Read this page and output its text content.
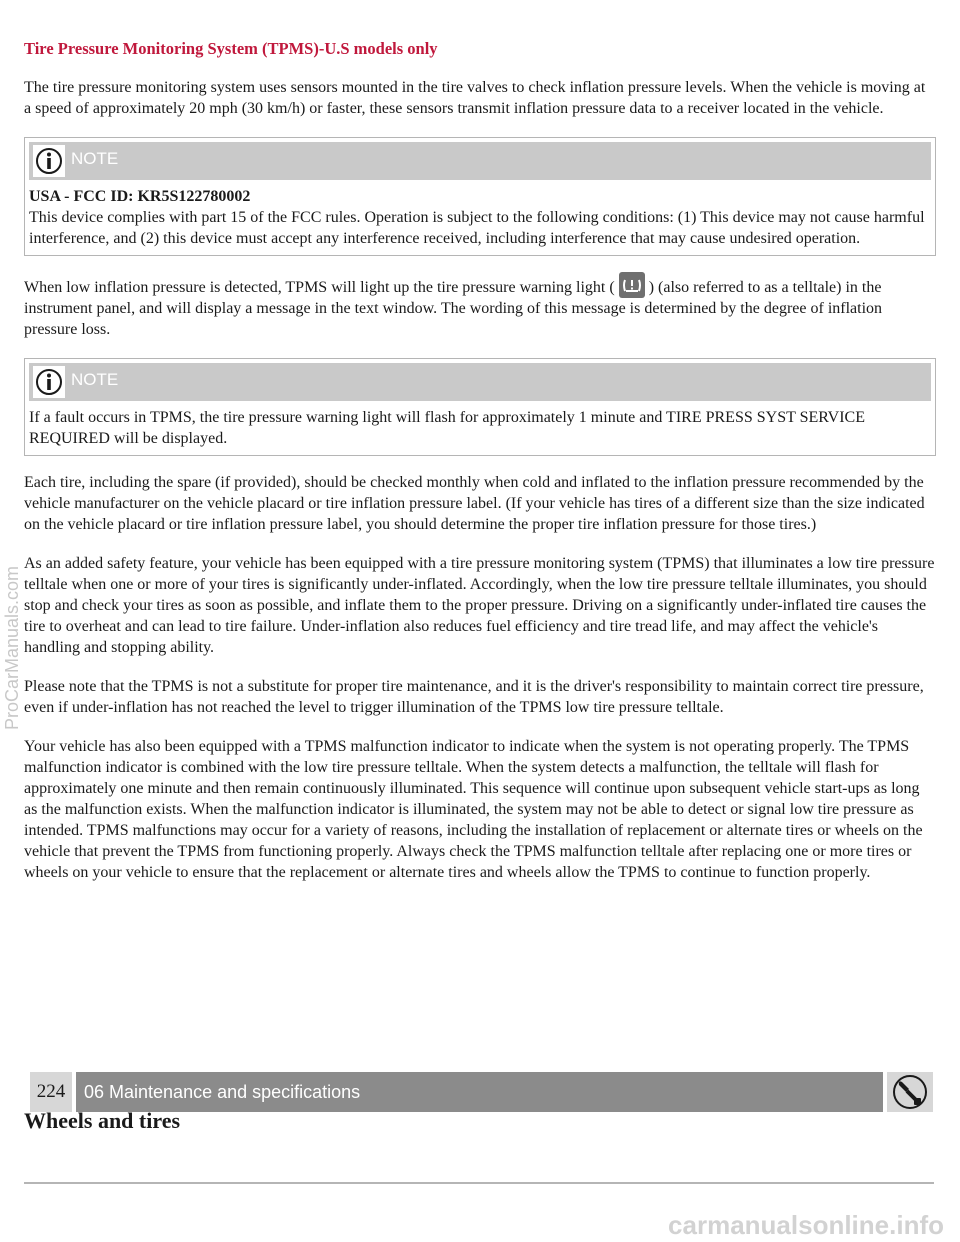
Tire Pressure Monitoring System (TPMS)-U.S models only

The tire pressure monitoring system uses sensors mounted in the tire valves to check inflation pressure levels. When the vehicle is moving at a speed of approximately 20 mph (30 km/h) or faster, these sensors transmit inflation pressure data to a receiver located in the vehicle.

NOTE
USA - FCC ID: KR5S122780002
This device complies with part 15 of the FCC rules. Operation is subject to the following conditions: (1) This device may not cause harmful interference, and (2) this device must accept any interference received, including interference that may cause undesired operation.

When low inflation pressure is detected, TPMS will light up the tire pressure warning light ( ) (also referred to as a telltale) in the instrument panel, and will display a message in the text window. The wording of this message is determined by the degree of inflation pressure loss.

NOTE
If a fault occurs in TPMS, the tire pressure warning light will flash for approximately 1 minute and TIRE PRESS SYST SERVICE REQUIRED will be displayed.

Each tire, including the spare (if provided), should be checked monthly when cold and inflated to the inflation pressure recommended by the vehicle manufacturer on the vehicle placard or tire inflation pressure label. (If your vehicle has tires of a different size than the size indicated on the vehicle placard or tire inflation pressure label, you should determine the proper tire inflation pressure for those tires.)

As an added safety feature, your vehicle has been equipped with a tire pressure monitoring system (TPMS) that illuminates a low tire pressure telltale when one or more of your tires is significantly under-inflated. Accordingly, when the low tire pressure telltale illuminates, you should stop and check your tires as soon as possible, and inflate them to the proper pressure. Driving on a significantly under-inflated tire causes the tire to overheat and can lead to tire failure. Under-inflation also reduces fuel efficiency and tire tread life, and may affect the vehicle's handling and stopping ability.

Please note that the TPMS is not a substitute for proper tire maintenance, and it is the driver's responsibility to maintain correct tire pressure, even if under-inflation has not reached the level to trigger illumination of the TPMS low tire pressure telltale.

Your vehicle has also been equipped with a TPMS malfunction indicator to indicate when the system is not operating properly. The TPMS malfunction indicator is combined with the low tire pressure telltale. When the system detects a malfunction, the telltale will flash for approximately one minute and then remain continuously illuminated. This sequence will continue upon subsequent vehicle start-ups as long as the malfunction exists. When the malfunction indicator is illuminated, the system may not be able to detect or signal low tire pressure as intended. TPMS malfunctions may occur for a variety of reasons, including the installation of replacement or alternate tires or wheels on the vehicle that prevent the TPMS from functioning properly. Always check the TPMS malfunction telltale after replacing one or more tires or wheels on your vehicle to ensure that the replacement or alternate tires and wheels allow the TPMS to continue to function properly.

224	06 Maintenance and specifications
Wheels and tires
ProCarManuals.com
carmanualsonline.info
